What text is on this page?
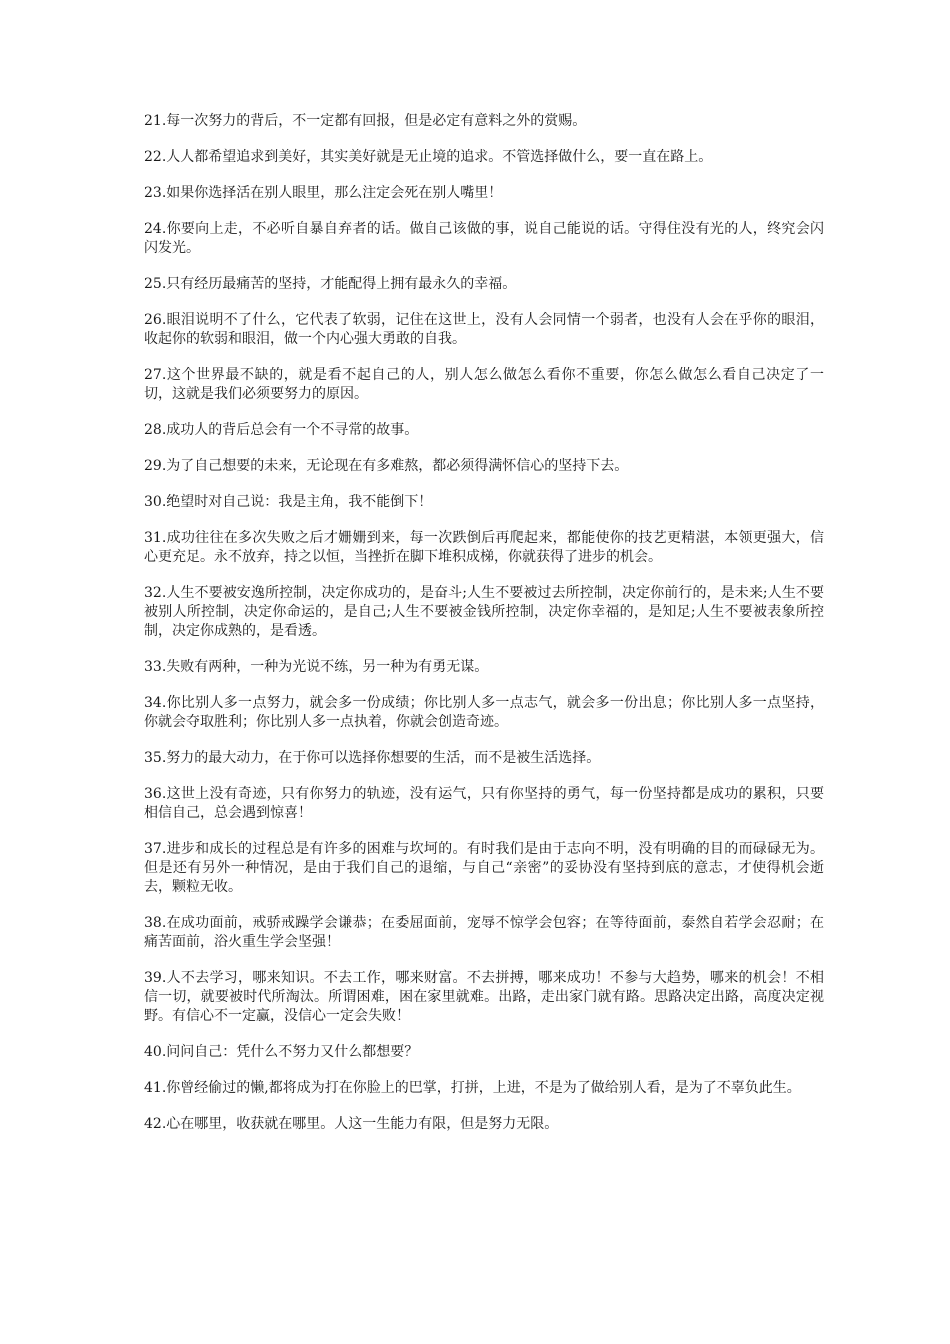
21.每一次努力的背后，不一定都有回报，但是必定有意料之外的赏赐。

22.人人都希望追求到美好，其实美好就是无止境的追求。不管选择做什么，要一直在路上。

23.如果你选择活在别人眼里，那么注定会死在别人嘴里！

24.你要向上走，不必听自暴自弃者的话。做自己该做的事，说自己能说的话。守得住没有光的人，终究会闪闪发光。

25.只有经历最痛苦的坚持，才能配得上拥有最永久的幸福。

26.眼泪说明不了什么，它代表了软弱，记住在这世上，没有人会同情一个弱者，也没有人会在乎你的眼泪，收起你的软弱和眼泪，做一个内心强大勇敢的自我。

27.这个世界最不缺的，就是看不起自己的人，别人怎么做怎么看你不重要，你怎么做怎么看自己决定了一切，这就是我们必须要努力的原因。

28.成功人的背后总会有一个不寻常的故事。

29.为了自己想要的未来，无论现在有多难熬，都必须得满怀信心的坚持下去。

30.绝望时对自己说：我是主角，我不能倒下！

31.成功往往在多次失败之后才姗姗到来，每一次跌倒后再爬起来，都能使你的技艺更精湛，本领更强大，信心更充足。永不放弃，持之以恒，当挫折在脚下堆积成梯，你就获得了进步的机会。

32.人生不要被安逸所控制，决定你成功的，是奋斗;人生不要被过去所控制，决定你前行的，是未来;人生不要被别人所控制，决定你命运的，是自己;人生不要被金钱所控制，决定你幸福的，是知足;人生不要被表象所控制，决定你成熟的，是看透。

33.失败有两种，一种为光说不练，另一种为有勇无谋。

34.你比别人多一点努力，就会多一份成绩；你比别人多一点志气，就会多一份出息；你比别人多一点坚持，你就会夺取胜利；你比别人多一点执着，你就会创造奇迹。

35.努力的最大动力，在于你可以选择你想要的生活，而不是被生活选择。

36.这世上没有奇迹，只有你努力的轨迹，没有运气，只有你坚持的勇气，每一份坚持都是成功的累积，只要相信自己，总会遇到惊喜！

37.进步和成长的过程总是有许多的困难与坎坷的。有时我们是由于志向不明，没有明确的目的而碌碌无为。但是还有另外一种情况，是由于我们自己的退缩，与自己“亲密”的妥协没有坚持到底的意志，才使得机会逝去，颗粒无收。

38.在成功面前，戒骄戒躁学会谦恭；在委屈面前，宠辱不惊学会包容；在等待面前，泰然自若学会忍耐；在痛苦面前，浴火重生学会坚强！

39.人不去学习，哪来知识。不去工作，哪来财富。不去拼搏，哪来成功！不参与大趋势，哪来的机会！不相信一切，就要被时代所淘汰。所谓困难，困在家里就难。出路，走出家门就有路。思路决定出路，高度决定视野。有信心不一定赢，没信心一定会失败！

40.问问自己：凭什么不努力又什么都想要？

41.你曾经偷过的懒,都将成为打在你脸上的巴掌，打拼，上进，不是为了做给别人看，是为了不辜负此生。

42.心在哪里，收获就在哪里。人这一生能力有限，但是努力无限。
